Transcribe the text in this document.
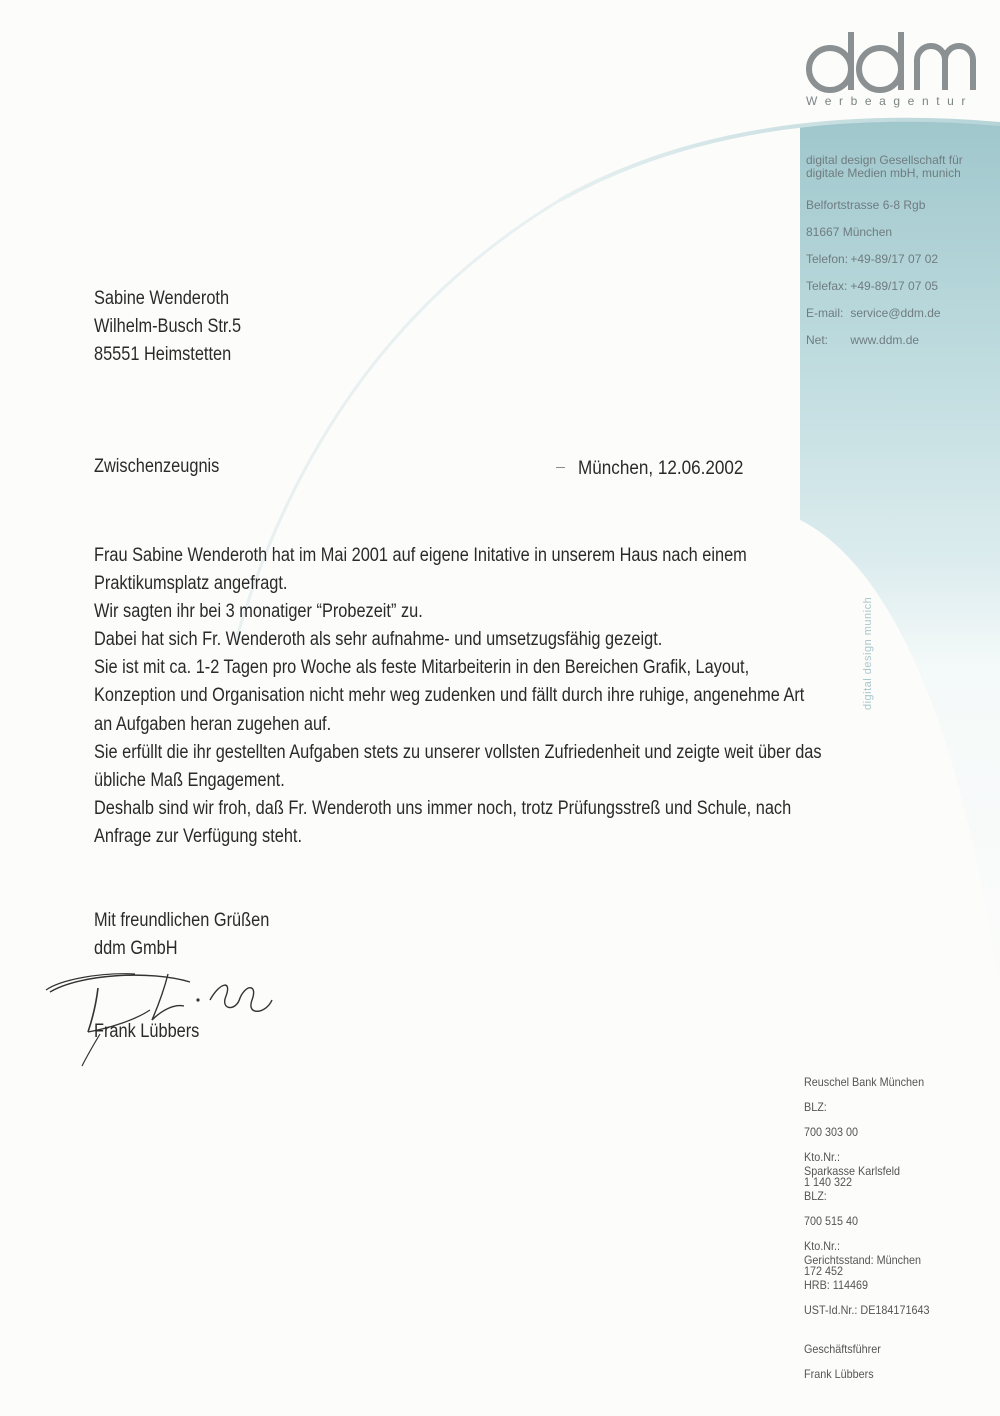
Werbeagentur
digital design Gesellschaft für
digitale Medien mbH, munich
Belfortstrasse 6-8 Rgb
81667 München
Telefon: +49-89/17 07 02
Telefax: +49-89/17 07 05
E-mail: service@ddm.de
Net: www.ddm.de
digital design munich
Sabine Wenderoth
Wilhelm-Busch Str.5
85551 Heimstetten
Zwischenzeugnis	München, 12.06.2002
Frau Sabine Wenderoth hat im Mai 2001 auf eigene Initative in unserem Haus nach einem
Praktikumsplatz angefragt.
Wir sagten ihr bei 3 monatiger “Probezeit” zu.
Dabei hat sich Fr. Wenderoth als sehr aufnahme- und umsetzugsfähig gezeigt.
Sie ist mit ca. 1-2 Tagen pro Woche als feste Mitarbeiterin in den Bereichen Grafik, Layout,
Konzeption und Organisation nicht mehr weg zudenken und fällt durch ihre ruhige, angenehme Art
an Aufgaben heran zugehen auf.
Sie erfüllt die ihr gestellten Aufgaben stets zu unserer vollsten Zufriedenheit und zeigte weit über das
übliche Maß Engagement.
Deshalb sind wir froh, daß Fr. Wenderoth uns immer noch, trotz Prüfungsstreß und Schule, nach
Anfrage zur Verfügung steht.
Mit freundlichen Grüßen
ddm GmbH
Frank Lübbers
Reuschel Bank München
BLZ:
700 303 00
Kto.Nr.:
1 140 322
Sparkasse Karlsfeld
BLZ:
700 515 40
Kto.Nr.:
172 452
Gerichtsstand: München
HRB: 114469
UST-Id.Nr.: DE184171643
Geschäftsführer
Frank Lübbers
